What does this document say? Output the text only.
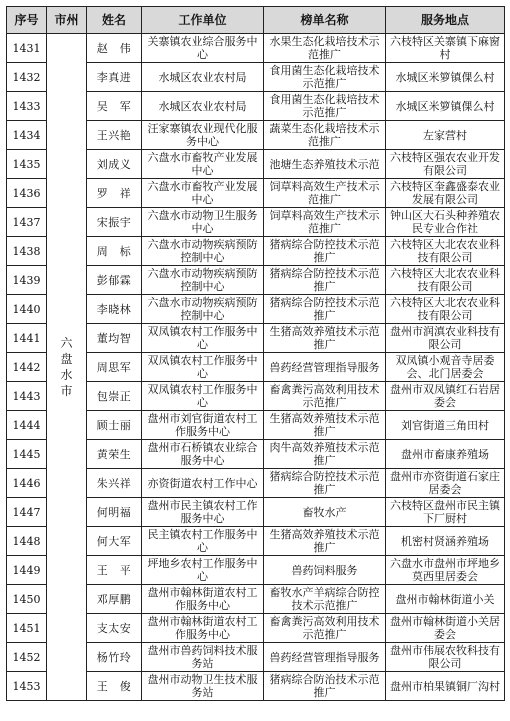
序号	市州	姓名	工作单位	榜单名称	服务地点
1431	六盘水市	赵　伟	关寨镇农业综合服务中心	水果生态化栽培技术示范推广	六枝特区关寨镇下麻窗村
1432		李真进	水城区农业农村局	食用菌生态化栽培技术示范推广	水城区米箩镇倮么村
1433		吴　军	水城区农业农村局	食用菌生态化栽培技术示范推广	水城区米箩镇倮么村
1434		王兴艳	汪家寨镇农业现代化服务中心	蔬菜生态化栽培技术示范推广	左家营村
1435		刘成义	六盘水市畜牧产业发展中心	池塘生态养殖技术示范	六枝特区强农农业开发有限公司
1436		罗　祥	六盘水市畜牧产业发展中心	饲草料高效生产技术示范推广	六枝特区奎鑫盛泰农业发展有限公司
1437		宋振宇	六盘水市动物卫生服务中心	饲草料高效生产技术示范推广	钟山区大石头种养殖农民专业合作社
1438		周　标	六盘水市动物疾病预防控制中心	猪病综合防控技术示范推广	六枝特区大北农农业科技有限公司
1439		彭郁霖	六盘水市动物疾病预防控制中心	猪病综合防控技术示范推广	六枝特区大北农农业科技有限公司
1440		李晓林	六盘水市动物疾病预防控制中心	猪病综合防控技术示范推广	六枝特区大北农农业科技有限公司
1441		董均智	双凤镇农村工作服务中心	生猪高效养殖技术示范推广	盘州市润滇农业科技有限公司
1442		周思军	双凤镇农村工作服务中心	兽药经营管理指导服务	双凤镇小观音寺居委会、北门居委会
1443		包崇正	双凤镇农村工作服务中心	畜禽粪污高效利用技术示范推广	盘州市双凤镇红石岩居委会
1444		顾士丽	盘州市刘官街道农村工作服务中心	生猪高效养殖技术示范推广	刘官街道三角田村
1445		黄荣生	盘州市石桥镇农业综合服务中心	肉牛高效养殖技术示范推广	盘州市畜康养殖场
1446		朱兴祥	亦资街道农村工作中心	猪病综合防控技术示范推广	盘州市亦资街道石家庄居委会
1447		何明福	盘州市民主镇农村工作服务中心	畜牧水产	六枝特区盘州市民主镇下厂厨村
1448		何大军	民主镇农村工作服务中心	生猪高效养殖技术示范推广	机密村贤涵养殖场
1449		王　平	坪地乡农村工作服务中心	兽药饲料服务	六盘水市盘州市坪地乡莫西里居委会
1450		邓厚鹏	盘州市翰林街道农村工作服务中心	畜牧水产羊病综合防控技术示范推广	盘州市翰林街道小关
1451		支太安	盘州市翰林街道农村工作服务中心	畜禽粪污高效利用技术示范推广	盘州市翰林街道小关居委会
1452		杨竹玲	盘州市兽药饲料技术服务站	兽药经营管理指导服务	盘州市伟展农牧科技有限公司
1453		王　俊	盘州市动物卫生技术服务站	猪病综合防治技术示范推广	盘州市柏果镇铜厂沟村
